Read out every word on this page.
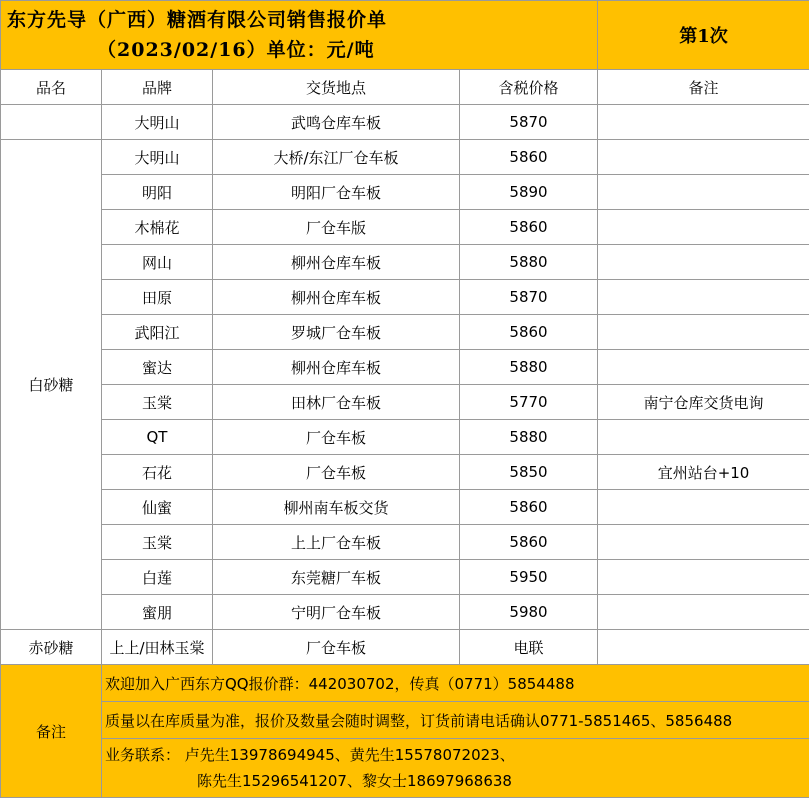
东方先导（广西）糖酒有限公司销售报价单
（2023/02/16）单位：元/吨				第1次
品名	品牌	交货地点	含税价格	备注
	大明山	武鸣仓库车板	5870	
白砂糖	大明山	大桥/东江厂仓车板	5860	
	明阳	明阳厂仓车板	5890	
	木棉花	厂仓车版	5860	
	网山	柳州仓库车板	5880	
	田原	柳州仓库车板	5870	
	武阳江	罗城厂仓车板	5860	
	蜜达	柳州仓库车板	5880	
	玉棠	田林厂仓车板	5770	南宁仓库交货电询
	QT	厂仓车板	5880	
	石花	厂仓车板	5850	宜州站台+10
	仙蜜	柳州南车板交货	5860	
	玉棠	上上厂仓车板	5860	
	白莲	东莞糖厂车板	5950	
	蜜朋	宁明厂仓车板	5980	
赤砂糖	上上/田林玉棠	厂仓车板	电联	
备注	欢迎加入广西东方QQ报价群：442030702，传真（0771）5854488			
	质量以在库质量为准，报价及数量会随时调整，订货前请电话确认0771-5851465、5856488			

	业务联系： 卢先生13978694945、黄先生15578072023、
陈先生15296541207、黎女士18697968638			
